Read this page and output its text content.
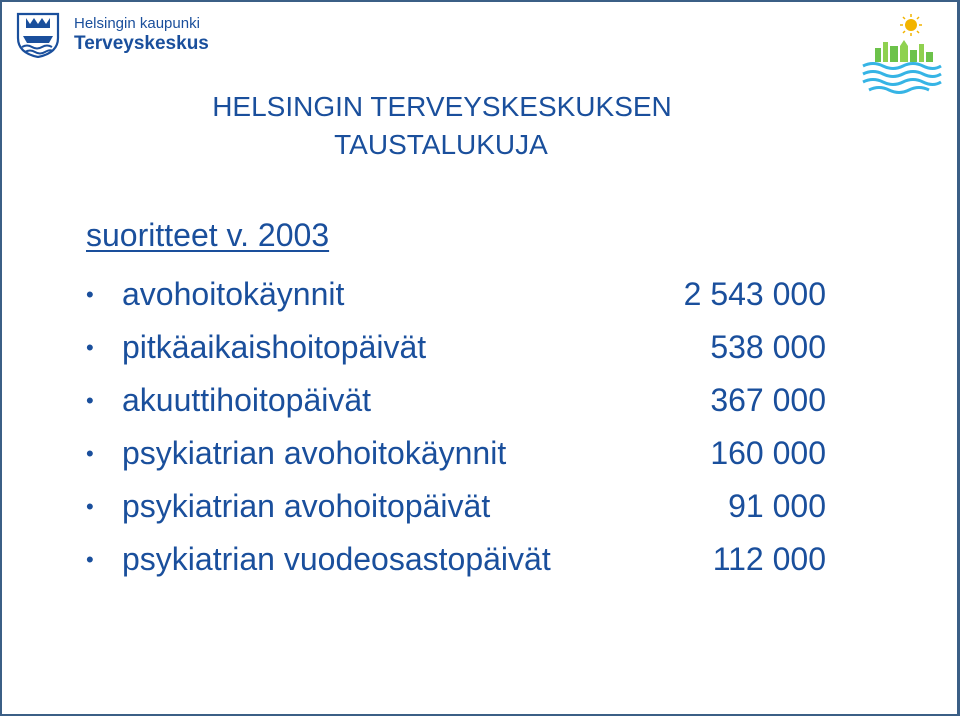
Helsingin kaupunki
Terveyskeskus
HELSINGIN TERVEYSKESKUKSEN
TAUSTALUKUJA
suoritteet v. 2003
• avohoitokäynnit	2 543 000
• pitkäaikaishoitopäivät	538 000
• akuuttihoitopäivät	367 000
• psykiatrian avohoitokäynnit	160 000
• psykiatrian avohoitopäivät	91 000
• psykiatrian vuodeosastopäivät	112 000
